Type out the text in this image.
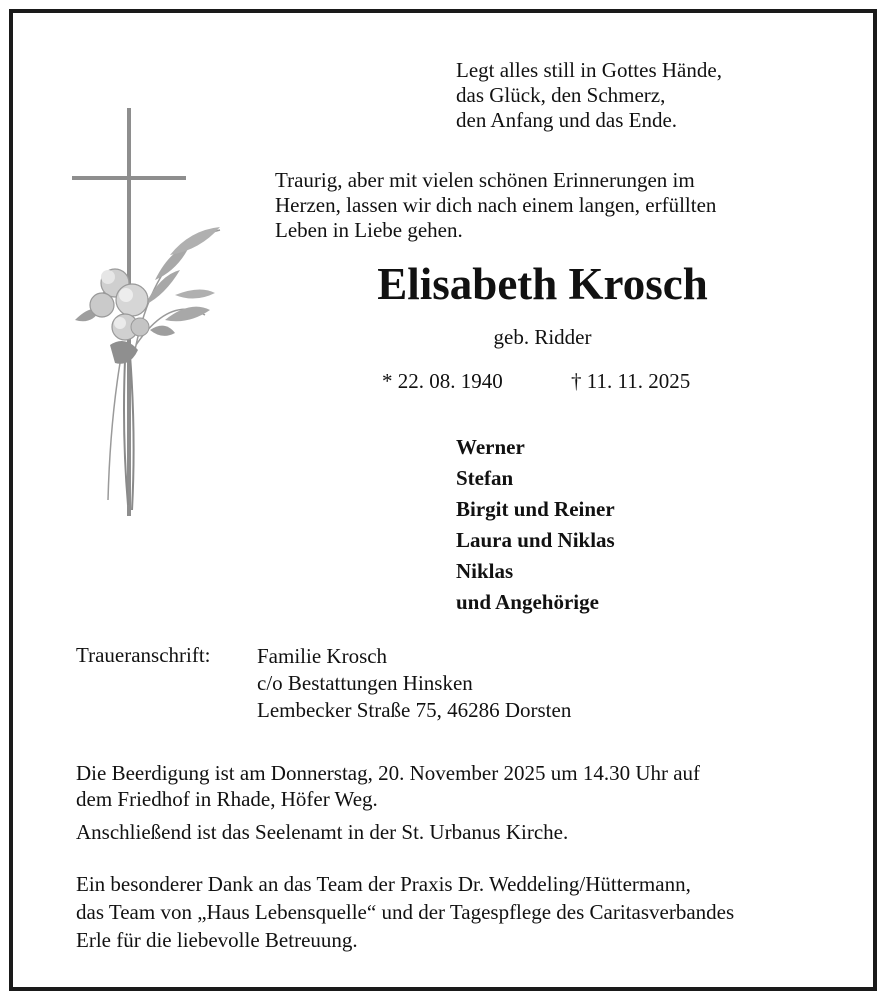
Legt alles still in Gottes Hände,
das Glück, den Schmerz,
den Anfang und das Ende.
Traurig, aber mit vielen schönen Erinnerungen im
Herzen, lassen wir dich nach einem langen, erfüllten
Leben in Liebe gehen.
Elisabeth Krosch
geb. Ridder
* 22. 08. 1940	† 11. 11. 2025
Werner
Stefan
Birgit und Reiner
Laura und Niklas
Niklas
und Angehörige
Traueranschrift: Familie Krosch
c/o Bestattungen Hinsken
Lembecker Straße 75, 46286 Dorsten
Die Beerdigung ist am Donnerstag, 20. November 2025 um 14.30 Uhr auf
dem Friedhof in Rhade, Höfer Weg.
Anschließend ist das Seelenamt in der St. Urbanus Kirche.
Ein besonderer Dank an das Team der Praxis Dr. Weddeling/Hüttermann,
das Team von „Haus Lebensquelle“ und der Tagespflege des Caritasverbandes
Erle für die liebevolle Betreuung.
